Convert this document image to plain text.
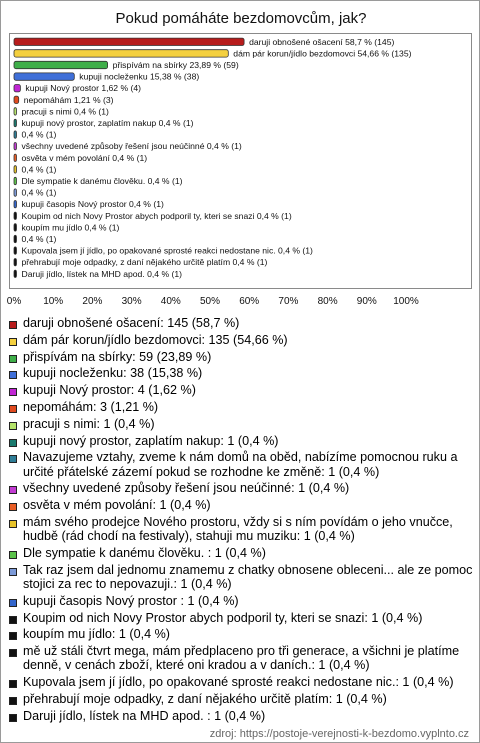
Pokud pomáháte bezdomovcům, jak?
daruji obnošené ošacení 58,7 % (145)
dám pár korun/jídlo bezdomovci 54,66 % (135)
přispívám na sbírky 23,89 % (59)
kupuji nocleženku 15,38 % (38)
kupuji Nový prostor 1,62 % (4)
nepomáhám 1,21 % (3)
pracuji s nimi 0,4 % (1)
kupuji nový prostor, zaplatím nakup 0,4 % (1)
0,4 % (1)
všechny uvedené způsoby řešení jsou neúčinné 0,4 % (1)
osvěta v mém povolání 0,4 % (1)
0,4 % (1)
Dle sympatie k danému člověku. 0,4 % (1)
0,4 % (1)
kupuji časopis Nový prostor 0,4 % (1)
Koupim od nich Novy Prostor abych podporil ty, kteri se snazi 0,4 % (1)
koupím mu jídlo 0,4 % (1)
0,4 % (1)
Kupovala jsem jí jídlo, po opakované sprosté reakci nedostane nic. 0,4 % (1)
přehrabují moje odpadky, z daní nějakého určitě platím 0,4 % (1)
Daruji jídlo, lístek na MHD apod. 0,4 % (1)
0% 10% 20% 30% 40% 50% 60% 70% 80% 90% 100%
daruji obnošené ošacení: 145 (58,7 %)
dám pár korun/jídlo bezdomovci: 135 (54,66 %)
přispívám na sbírky: 59 (23,89 %)
kupuji nocleženku: 38 (15,38 %)
kupuji Nový prostor: 4 (1,62 %)
nepomáhám: 3 (1,21 %)
pracuji s nimi: 1 (0,4 %)
kupuji nový prostor, zaplatím nakup: 1 (0,4 %)
Navazujeme vztahy, zveme k nám domů na oběd, nabízíme pomocnou ruku a určité přátelské zázemí pokud se rozhodne ke změně: 1 (0,4 %)
všechny uvedené způsoby řešení jsou neúčinné: 1 (0,4 %)
osvěta v mém povolání: 1 (0,4 %)
mám svého prodejce Nového prostoru, vždy si s ním povídám o jeho vnučce, hudbě (rád chodí na festivaly), stahuji mu muziku: 1 (0,4 %)
Dle sympatie k danému člověku. : 1 (0,4 %)
Tak raz jsem dal jednomu znamemu z chatky obnosene obleceni... ale ze pomoc stojici za rec to nepovazuji.: 1 (0,4 %)
kupuji časopis Nový prostor : 1 (0,4 %)
Koupim od nich Novy Prostor abych podporil ty, kteri se snazi: 1 (0,4 %)
koupím mu jídlo: 1 (0,4 %)
mě už stáli čtvrt mega, mám předplaceno pro tři generace, a všichni je platíme denně, v cenách zboží, které oni kradou a v daních.: 1 (0,4 %)
Kupovala jsem jí jídlo, po opakované sprosté reakci nedostane nic.: 1 (0,4 %)
přehrabují moje odpadky, z daní nějakého určitě platím: 1 (0,4 %)
Daruji jídlo, lístek na MHD apod. : 1 (0,4 %)
zdroj: https://postoje-verejnosti-k-bezdomo.vyplnto.cz
